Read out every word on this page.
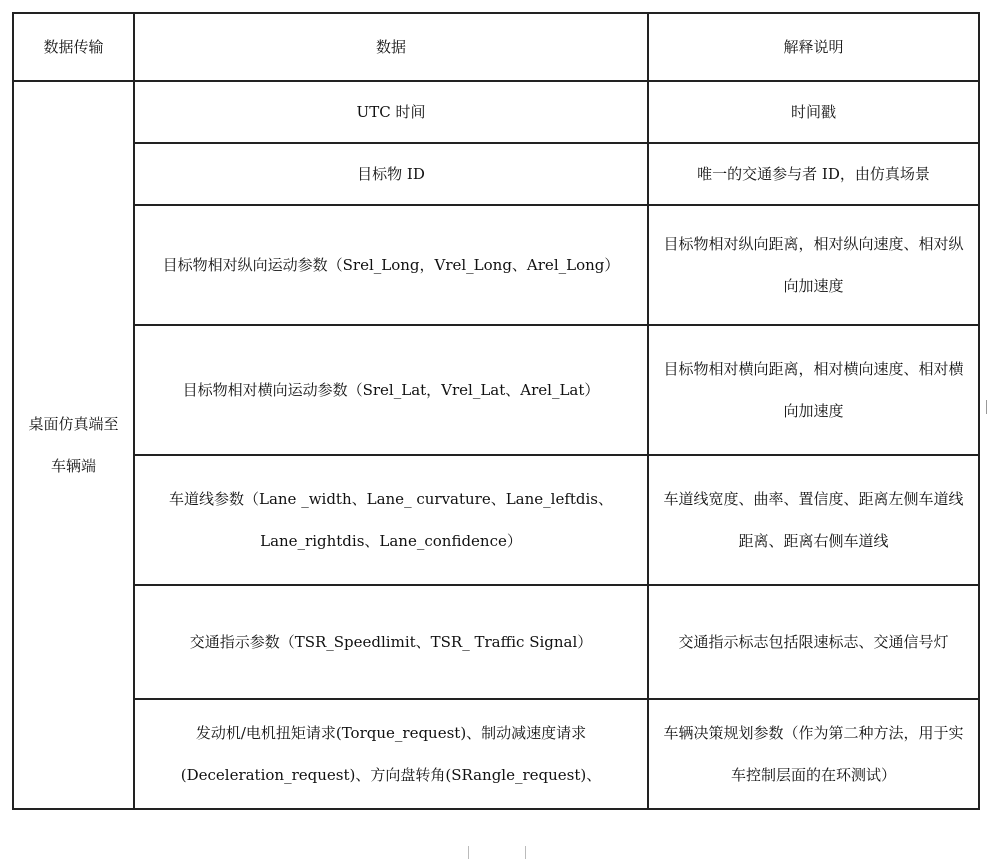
数据传输	数据	解释说明
桌面仿真端至车辆端	UTC 时间	时间戳
	目标物 ID	唯一的交通参与者 ID，由仿真场景
	目标物相对纵向运动参数（Srel_Long，Vrel_Long、Arel_Long）	目标物相对纵向距离，相对纵向速度、相对纵向加速度
	目标物相对横向运动参数（Srel_Lat，Vrel_Lat、Arel_Lat）	目标物相对横向距离，相对横向速度、相对横向加速度
	车道线参数（Lane _width、Lane_ curvature、Lane_leftdis、Lane_rightdis、Lane_confidence）	车道线宽度、曲率、置信度、距离左侧车道线距离、距离右侧车道线
	交通指示参数（TSR_Speedlimit、TSR_ Traffic Signal）	交通指示标志包括限速标志、交通信号灯
	发动机/电机扭矩请求(Torque_request)、制动减速度请求(Deceleration_request)、方向盘转角(SRangle_request)、	车辆决策规划参数（作为第二种方法，用于实车控制层面的在环测试）
